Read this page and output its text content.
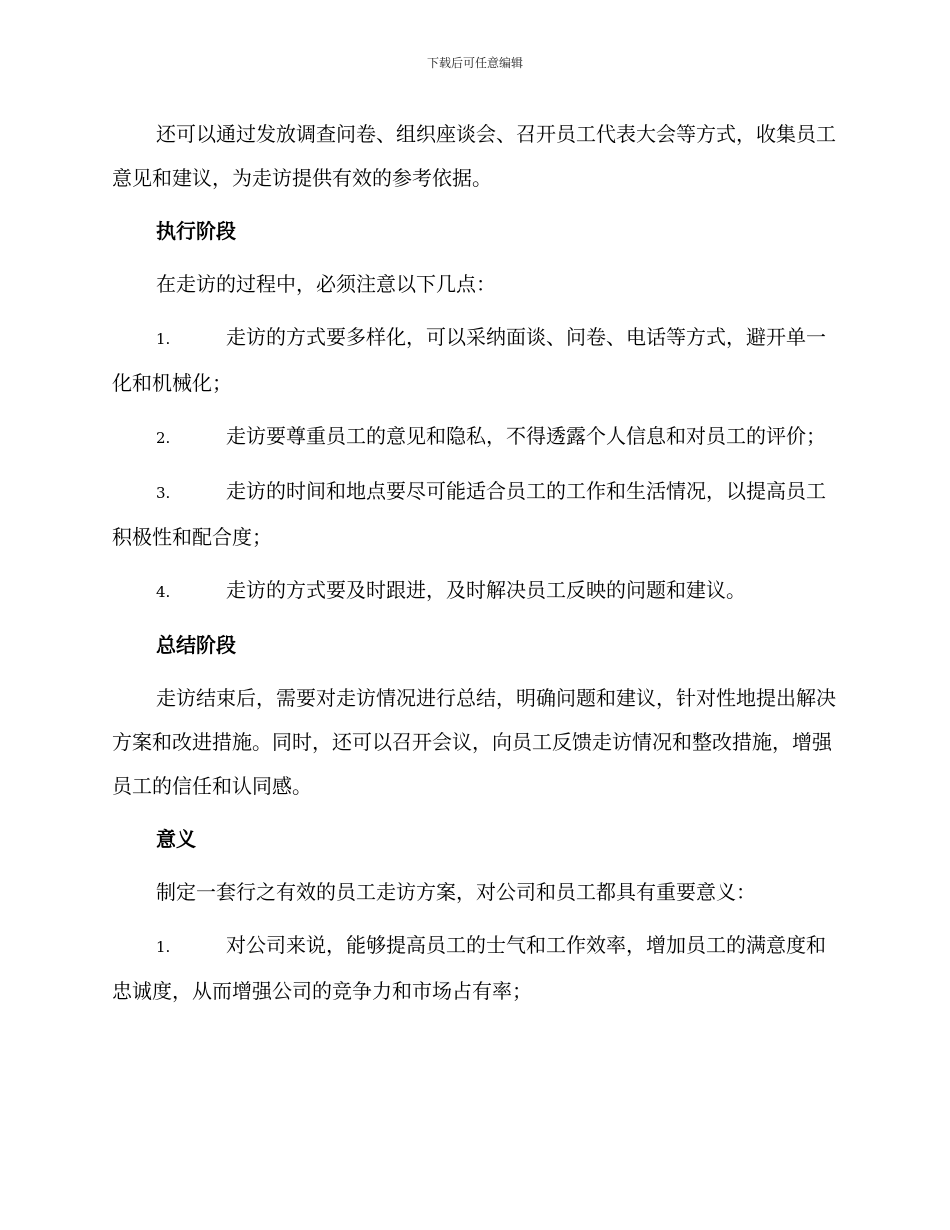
下载后可任意编辑

还可以通过发放调查问卷、组织座谈会、召开员工代表大会等方式，收集员工意见和建议，为走访提供有效的参考依据。

执行阶段

在走访的过程中，必须注意以下几点：

1.	走访的方式要多样化，可以采纳面谈、问卷、电话等方式，避开单一化和机械化；
2.	走访要尊重员工的意见和隐私，不得透露个人信息和对员工的评价；
3.	走访的时间和地点要尽可能适合员工的工作和生活情况，以提高员工积极性和配合度；
4.	走访的方式要及时跟进，及时解决员工反映的问题和建议。
总结阶段

走访结束后，需要对走访情况进行总结，明确问题和建议，针对性地提出解决方案和改进措施。同时，还可以召开会议，向员工反馈走访情况和整改措施，增强员工的信任和认同感。

意义

制定一套行之有效的员工走访方案，对公司和员工都具有重要意义：

1.	对公司来说，能够提高员工的士气和工作效率，增加员工的满意度和忠诚度，从而增强公司的竞争力和市场占有率；
